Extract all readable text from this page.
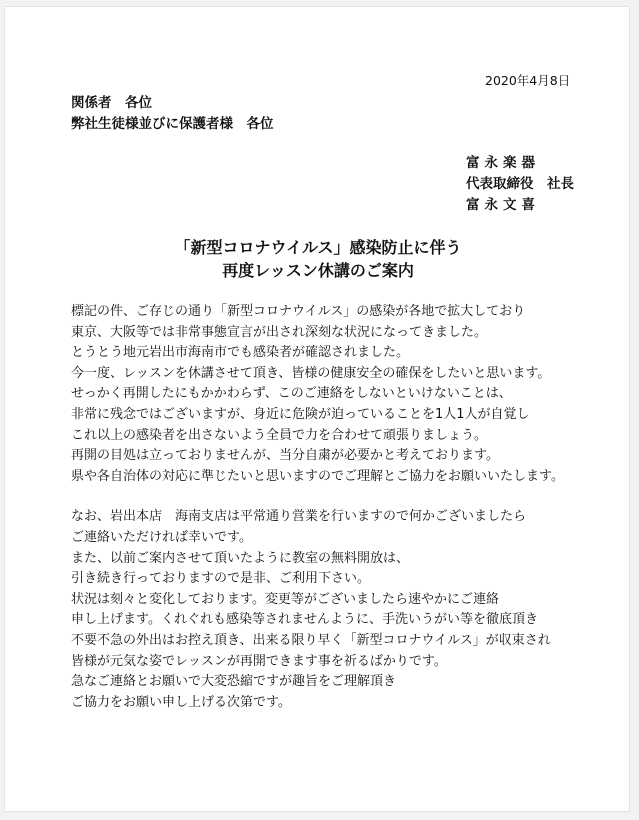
2020年4月8日
関係者　各位
弊社生徒様並びに保護者様　各位
富永楽器
代表取締役　社長
富永文喜
「新型コロナウイルス」感染防止に伴う
再度レッスン休講のご案内
標記の件、ご存じの通り「新型コロナウイルス」の感染が各地で拡大しており
東京、大阪等では非常事態宣言が出され深刻な状況になってきました。
とうとう地元岩出市海南市でも感染者が確認されました。
今一度、レッスンを休講させて頂き、皆様の健康安全の確保をしたいと思います。
せっかく再開したにもかかわらず、このご連絡をしないといけないことは、
非常に残念ではございますが、身近に危険が迫っていることを1人1人が自覚し
これ以上の感染者を出さないよう全員で力を合わせて頑張りましょう。
再開の目処は立っておりませんが、当分自粛が必要かと考えております。
県や各自治体の対応に準じたいと思いますのでご理解とご協力をお願いいたします。
なお、岩出本店　海南支店は平常通り営業を行いますので何かございましたら
ご連絡いただければ幸いです。
また、以前ご案内させて頂いたように教室の無料開放は、
引き続き行っておりますので是非、ご利用下さい。
状況は刻々と変化しております。変更等がございましたら速やかにご連絡
申し上げます。くれぐれも感染等されませんように、手洗いうがい等を徹底頂き
不要不急の外出はお控え頂き、出来る限り早く「新型コロナウイルス」が収束され
皆様が元気な姿でレッスンが再開できます事を祈るばかりです。
急なご連絡とお願いで大変恐縮ですが趣旨をご理解頂き
ご協力をお願い申し上げる次第です。
